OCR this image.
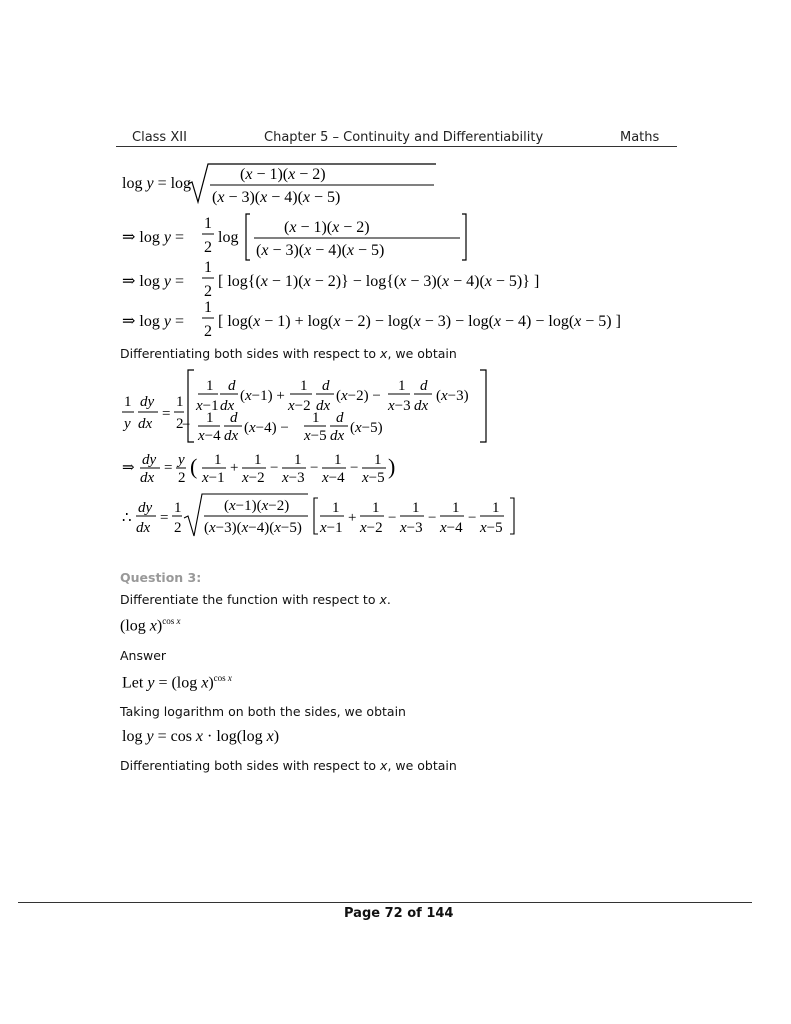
Class XII	Chapter 5 – Continuity and Differentiability	Maths
log y = log
(x − 1)(x − 2)
(x − 3)(x − 4)(x − 5)
⇒ log y =
1
2
log
(x − 1)(x − 2)
(x − 3)(x − 4)(x − 5)
⇒ log y =
1
2
[ log{(x − 1)(x − 2)} − log{(x − 3)(x − 4)(x − 5)} ]
⇒ log y =
1
2
[ log(x − 1) + log(x − 2) − log(x − 3) − log(x − 4) − log(x − 5) ]
Differentiating both sides with respect to x, we obtain
1
y
dy
dx
=
1
2
1
x−1
d
dx
(x−1) +
1
x−2
d
dx
(x−2) −
1
x−3
d
dx
(x−3)
− 1
x−4
d
dx (x−4) −
1
x−5
d
dx (x−5)
⇒ dy
dx
= y
2 ( 1
x−1
+ 1
x−2
− 1
x−3
− 1
x−4
− 1
x−5 )
∴
dy
dx
=
1
2
(x−1)(x−2)
(x−3)(x−4)(x−5)
1
x−1
+
1
x−2
−
1
x−3
−
1
x−4
−
1
x−5
Question 3:
Differentiate the function with respect to x.
(log x)$^{cos x}$
Answer
Let y = (log x)$^{cos x}$
Taking logarithm on both the sides, we obtain
log y = cos x · log(log x)
Differentiating both sides with respect to x, we obtain
Page 72 of 144
